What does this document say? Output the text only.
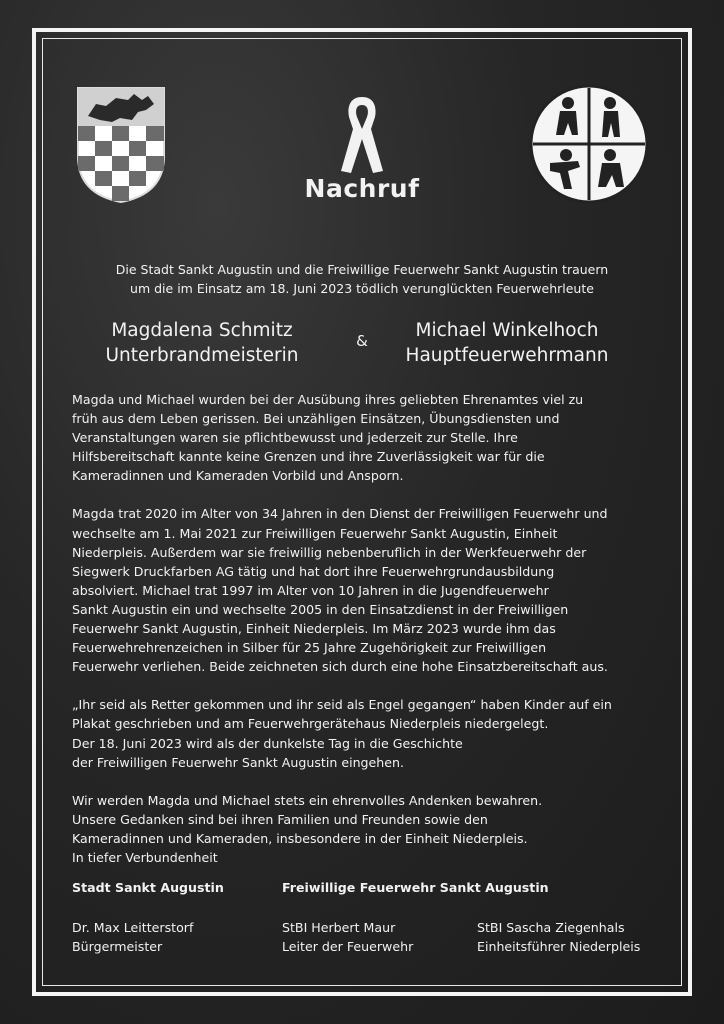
Nachruf
Die Stadt Sankt Augustin und die Freiwillige Feuerwehr Sankt Augustin trauern
um die im Einsatz am 18. Juni 2023 tödlich verunglückten Feuerwehrleute
Magdalena Schmitz
Unterbrandmeisterin
&	Michael Winkelhoch
Hauptfeuerwehrmann

Magda und Michael wurden bei der Ausübung ihres geliebten Ehrenamtes viel zu
früh aus dem Leben gerissen. Bei unzähligen Einsätzen, Übungsdiensten und
Veranstaltungen waren sie pflichtbewusst und jederzeit zur Stelle. Ihre
Hilfsbereitschaft kannte keine Grenzen und ihre Zuverlässigkeit war für die
Kameradinnen und Kameraden Vorbild und Ansporn.

Magda trat 2020 im Alter von 34 Jahren in den Dienst der Freiwilligen Feuerwehr und
wechselte am 1. Mai 2021 zur Freiwilligen Feuerwehr Sankt Augustin, Einheit
Niederpleis. Außerdem war sie freiwillig nebenberuflich in der Werkfeuerwehr der
Siegwerk Druckfarben AG tätig und hat dort ihre Feuerwehrgrundausbildung
absolviert. Michael trat 1997 im Alter von 10 Jahren in die Jugendfeuerwehr
Sankt Augustin ein und wechselte 2005 in den Einsatzdienst in der Freiwilligen
Feuerwehr Sankt Augustin, Einheit Niederpleis. Im März 2023 wurde ihm das
Feuerwehrehrenzeichen in Silber für 25 Jahre Zugehörigkeit zur Freiwilligen
Feuerwehr verliehen. Beide zeichneten sich durch eine hohe Einsatzbereitschaft aus.

„Ihr seid als Retter gekommen und ihr seid als Engel gegangen“ haben Kinder auf ein
Plakat geschrieben und am Feuerwehrgerätehaus Niederpleis niedergelegt.
Der 18. Juni 2023 wird als der dunkelste Tag in die Geschichte
der Freiwilligen Feuerwehr Sankt Augustin eingehen.

Wir werden Magda und Michael stets ein ehrenvolles Andenken bewahren.
Unsere Gedanken sind bei ihren Familien und Freunden sowie den
Kameradinnen und Kameraden, insbesondere in der Einheit Niederpleis.

In tiefer Verbundenheit
Stadt Sankt Augustin	Freiwillige Feuerwehr Sankt Augustin
Dr. Max Leitterstorf
Bürgermeister
StBI Herbert Maur
Leiter der Feuerwehr
StBI Sascha Ziegenhals
Einheitsführer Niederpleis
